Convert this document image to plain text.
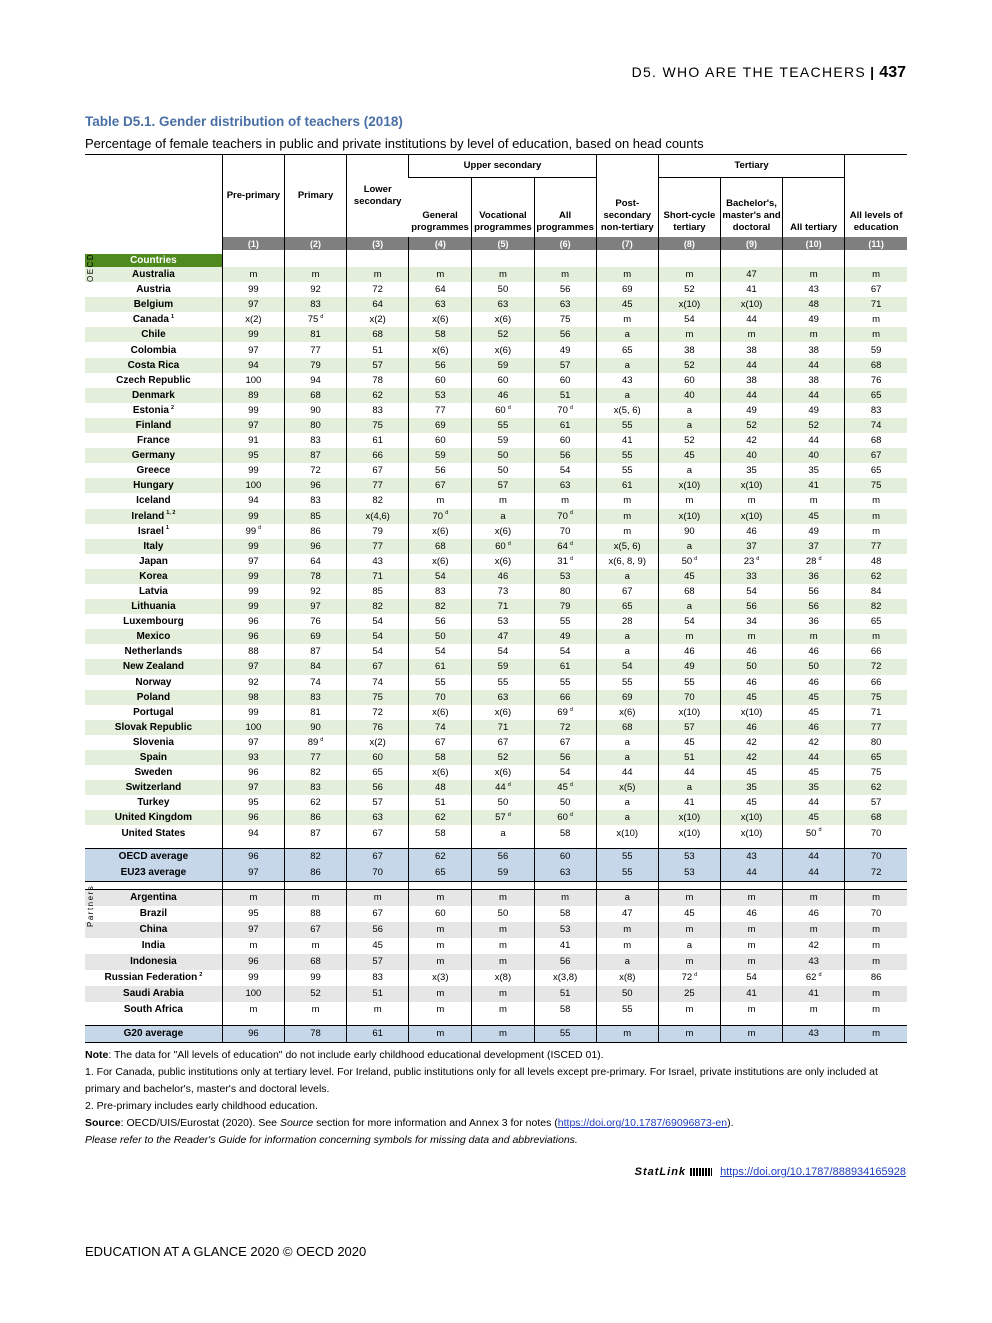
D5. WHO ARE THE TEACHERS | 437
Table D5.1. Gender distribution of teachers (2018)
Percentage of female teachers in public and private institutions by level of education, based on head counts
	Pre-primary	Primary	Lower secondary	Upper secondary			Post-secondary non-tertiary	Tertiary			All levels of education
				General programmes	Vocational programmes	All programmes		Short-cycle tertiary	Bachelor's, master's and doctoral	All tertiary	
	(1)	(2)	(3)	(4)	(5)	(6)	(7)	(8)	(9)	(10)	(11)

Countries											
Australia	m	m	m	m	m	m	m	m	47	m	m
Austria	99	92	72	64	50	56	69	52	41	43	67
Belgium	97	83	64	63	63	63	45	x(10)	x(10)	48	71
Canada $^1$	x(2)	75 $^d$	x(2)	x(6)	x(6)	75	m	54	44	49	m
Chile	99	81	68	58	52	56	a	m	m	m	m
Colombia	97	77	51	x(6)	x(6)	49	65	38	38	38	59
Costa Rica	94	79	57	56	59	57	a	52	44	44	68
Czech Republic	100	94	78	60	60	60	43	60	38	38	76
Denmark	89	68	62	53	46	51	a	40	44	44	65
Estonia $^2$	99	90	83	77	60 $^d$	70 $^d$	x(5, 6)	a	49	49	83
Finland	97	80	75	69	55	61	55	a	52	52	74
France	91	83	61	60	59	60	41	52	42	44	68
Germany	95	87	66	59	50	56	55	45	40	40	67
Greece	99	72	67	56	50	54	55	a	35	35	65
Hungary	100	96	77	67	57	63	61	x(10)	x(10)	41	75
Iceland	94	83	82	m	m	m	m	m	m	m	m
Ireland $^{1, 2}$	99	85	x(4,6)	70 $^d$	a	70 $^d$	m	x(10)	x(10)	45	m
Israel $^1$	99 $^d$	86	79	x(6)	x(6)	70	m	90	46	49	m
Italy	99	96	77	68	60 $^d$	64 $^d$	x(5, 6)	a	37	37	77
Japan	97	64	43	x(6)	x(6)	31 $^d$	x(6, 8, 9)	50 $^d$	23 $^d$	28 $^d$	48
Korea	99	78	71	54	46	53	a	45	33	36	62
Latvia	99	92	85	83	73	80	67	68	54	56	84
Lithuania	99	97	82	82	71	79	65	a	56	56	82
Luxembourg	96	76	54	56	53	55	28	54	34	36	65
Mexico	96	69	54	50	47	49	a	m	m	m	m
Netherlands	88	87	54	54	54	54	a	46	46	46	66
New Zealand	97	84	67	61	59	61	54	49	50	50	72
Norway	92	74	74	55	55	55	55	55	46	46	66
Poland	98	83	75	70	63	66	69	70	45	45	75
Portugal	99	81	72	x(6)	x(6)	69 $^d$	x(6)	x(10)	x(10)	45	71
Slovak Republic	100	90	76	74	71	72	68	57	46	46	77
Slovenia	97	89 $^d$	x(2)	67	67	67	a	45	42	42	80
Spain	93	77	60	58	52	56	a	51	42	44	65
Sweden	96	82	65	x(6)	x(6)	54	44	44	45	45	75
Switzerland	97	83	56	48	44 $^d$	45 $^d$	x(5)	a	35	35	62
Turkey	95	62	57	51	50	50	a	41	45	44	57
United Kingdom	96	86	63	62	57 $^d$	60 $^d$	a	x(10)	x(10)	45	68
United States	94	87	67	58	a	58	x(10)	x(10)	x(10)	50 $^d$	70

OECD average	96	82	67	62	56	60	55	53	43	44	70
EU23 average	97	86	70	65	59	63	55	53	44	44	72

Argentina	m	m	m	m	m	m	a	m	m	m	m
Brazil	95	88	67	60	50	58	47	45	46	46	70
China	97	67	56	m	m	53	m	m	m	m	m
India	m	m	45	m	m	41	m	a	m	42	m
Indonesia	96	68	57	m	m	56	a	m	m	43	m
Russian Federation $^2$	99	99	83	x(3)	x(8)	x(3,8)	x(8)	72 $^d$	54	62 $^d$	86
Saudi Arabia	100	52	51	m	m	51	50	25	41	41	m
South Africa	m	m	m	m	m	58	55	m	m	m	m

G20 average	96	78	61	m	m	55	m	m	m	43	m
OECD
Partners

Note: The data for "All levels of education" do not include early childhood educational development (ISCED 01).

1. For Canada, public institutions only at tertiary level. For Ireland, public institutions only for all levels except pre-primary. For Israel, private institutions are only included at primary and bachelor's, master's and doctoral levels.

2. Pre-primary includes early childhood education.

Source: OECD/UIS/Eurostat (2020). See Source section for more information and Annex 3 for notes (https://doi.org/10.1787/69096873-en).

Please refer to the Reader's Guide for information concerning symbols for missing data and abbreviations.

StatLink	https://doi.org/10.1787/888934165928
EDUCATION AT A GLANCE 2020 © OECD 2020
